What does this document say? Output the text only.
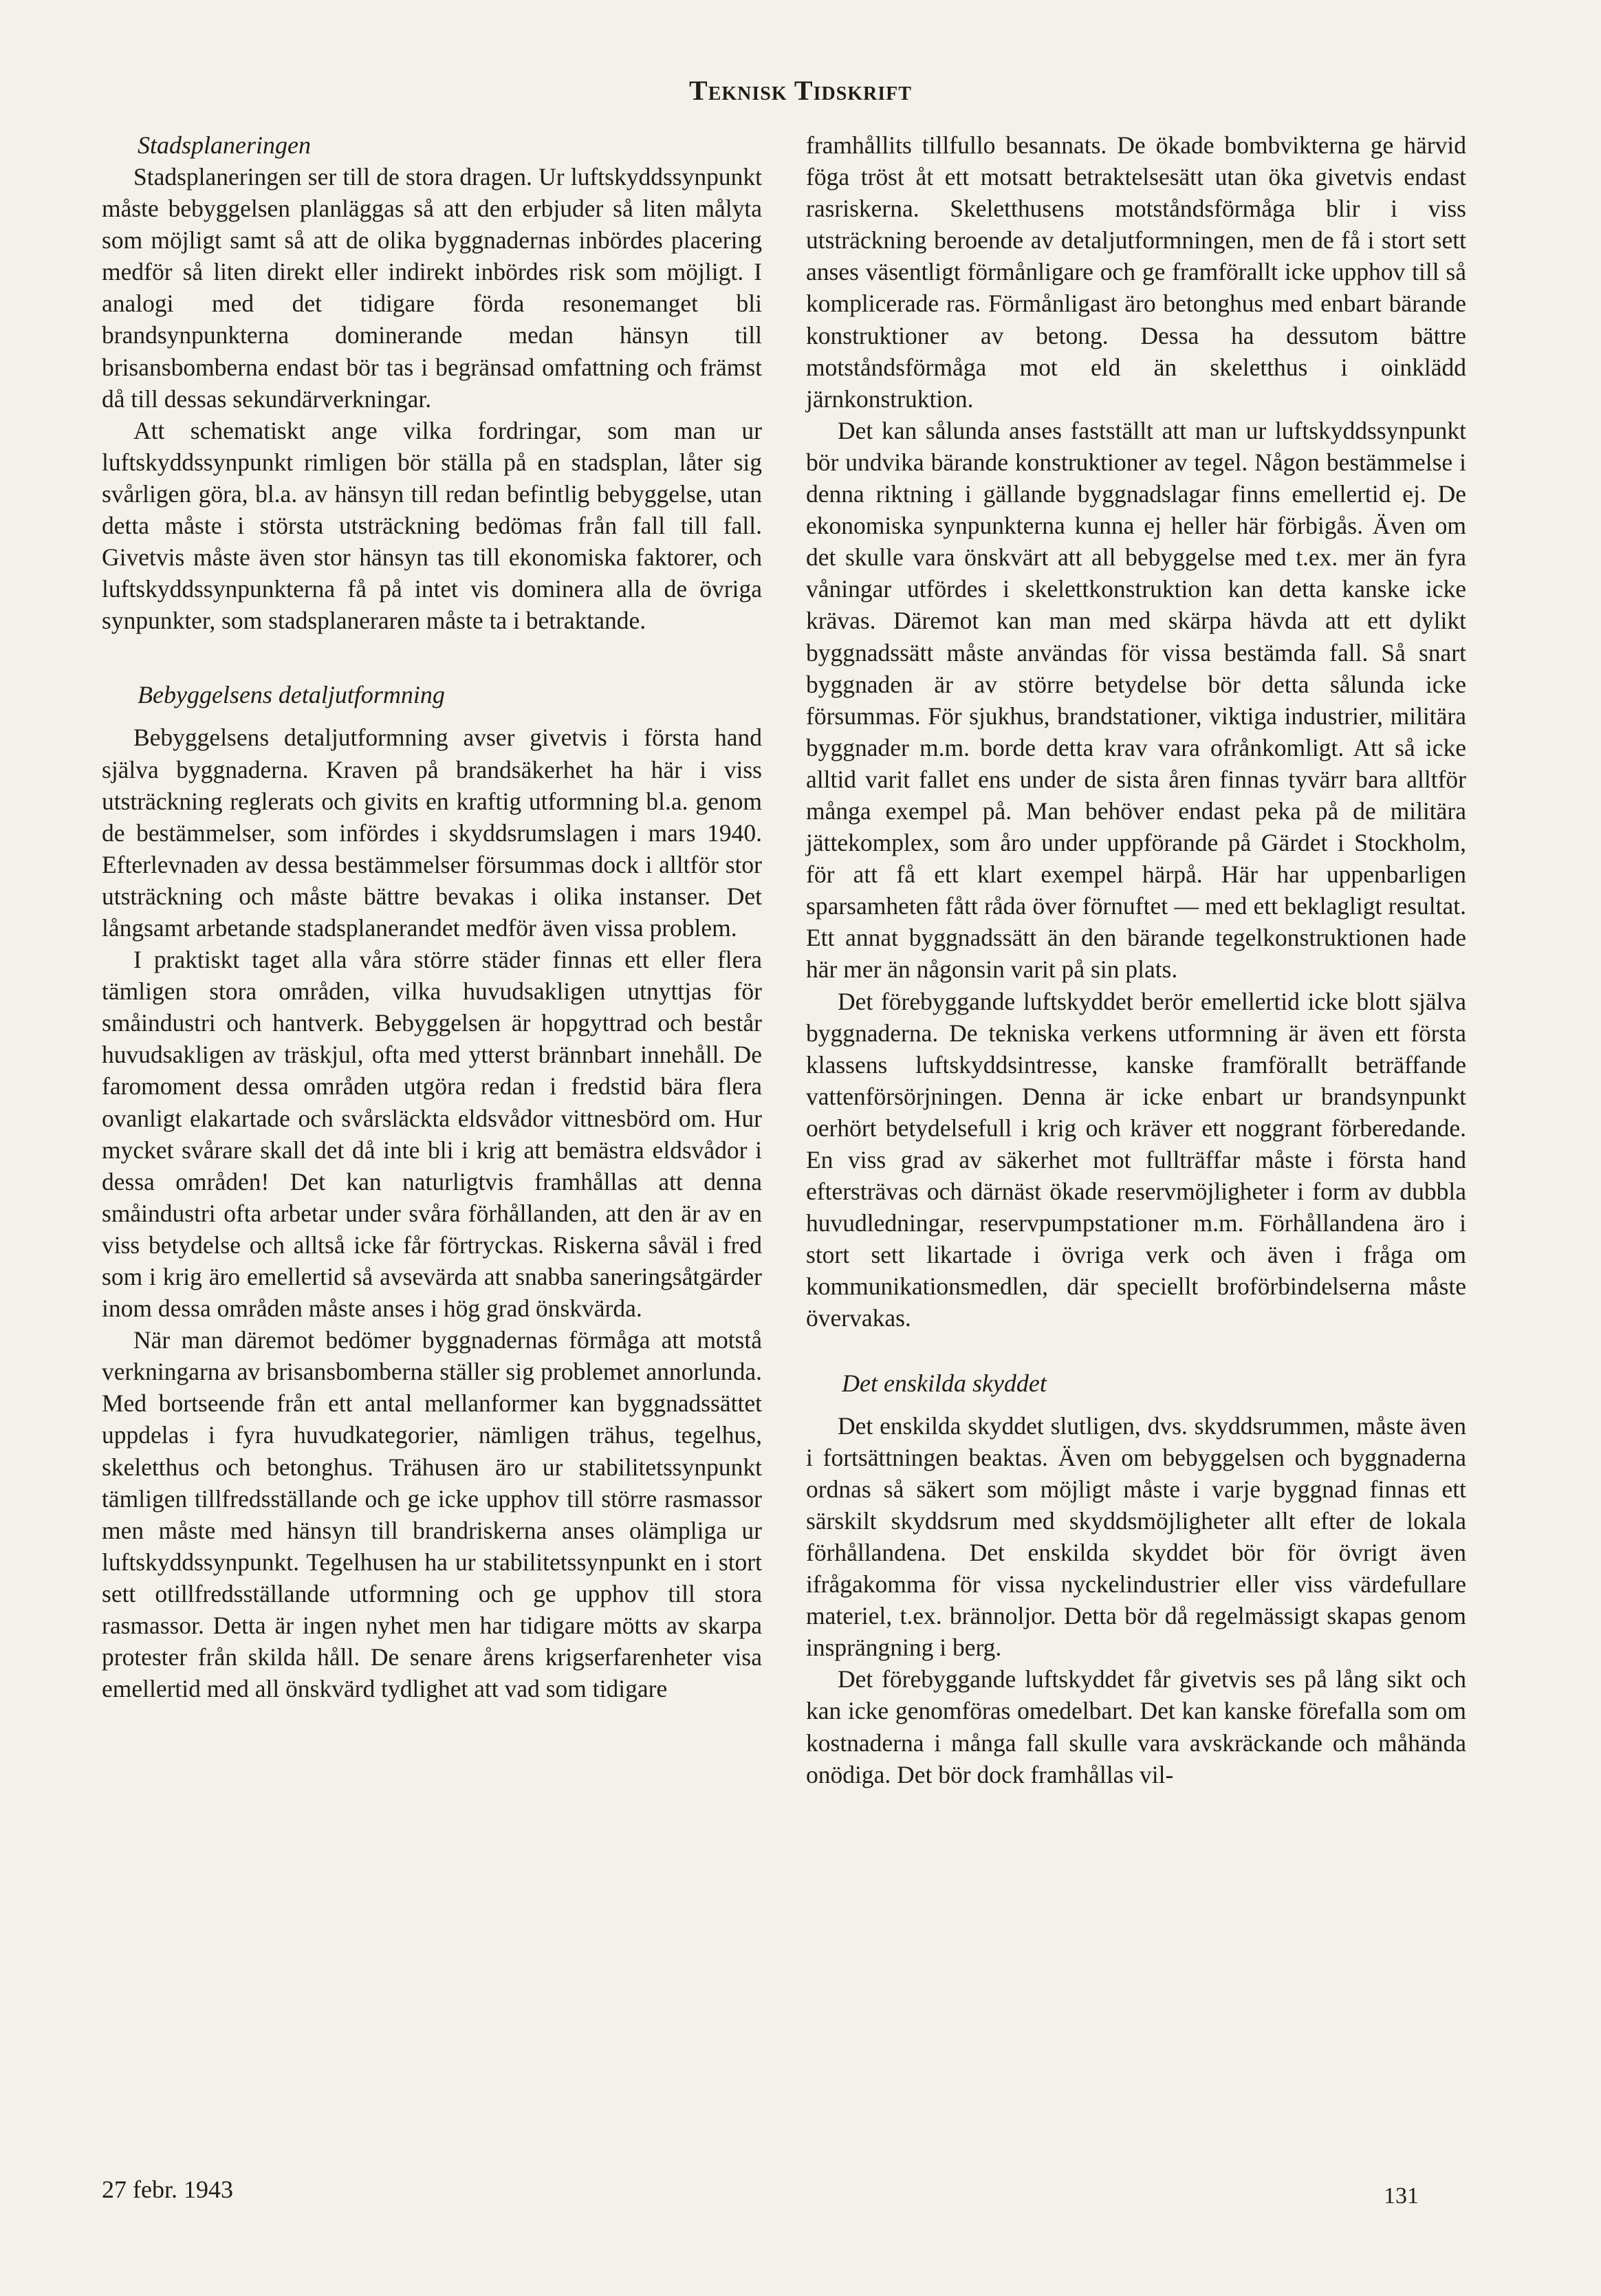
Teknisk Tidskrift
Stadsplaneringen

Stadsplaneringen ser till de stora dragen. Ur luftskyddssynpunkt måste bebyggelsen planläggas så att den erbjuder så liten målyta som möjligt samt så att de olika byggnadernas inbördes placering medför så liten direkt eller indirekt inbördes risk som möjligt. I analogi med det tidigare förda resonemanget bli brandsynpunkterna dominerande medan hänsyn till brisansbomberna endast bör tas i begränsad omfattning och främst då till dessas sekundärverkningar.

Att schematiskt ange vilka fordringar, som man ur luftskyddssynpunkt rimligen bör ställa på en stadsplan, låter sig svårligen göra, bl.a. av hänsyn till redan befintlig bebyggelse, utan detta måste i största utsträckning bedömas från fall till fall. Givetvis måste även stor hänsyn tas till ekonomiska faktorer, och luftskyddssynpunkterna få på intet vis dominera alla de övriga synpunkter, som stadsplaneraren måste ta i betraktande.

Bebyggelsens detaljutformning

Bebyggelsens detaljutformning avser givetvis i första hand själva byggnaderna. Kraven på brandsäkerhet ha här i viss utsträckning reglerats och givits en kraftig utformning bl.a. genom de bestämmelser, som infördes i skyddsrumslagen i mars 1940. Efterlevnaden av dessa bestämmelser försummas dock i alltför stor utsträckning och måste bättre bevakas i olika instanser. Det långsamt arbetande stadsplanerandet medför även vissa problem.

I praktiskt taget alla våra större städer finnas ett eller flera tämligen stora områden, vilka huvudsakligen utnyttjas för småindustri och hantverk. Bebyggelsen är hopgyttrad och består huvudsakligen av träskjul, ofta med ytterst brännbart innehåll. De faromoment dessa områden utgöra redan i fredstid bära flera ovanligt elakartade och svårsläckta eldsvådor vittnesbörd om. Hur mycket svårare skall det då inte bli i krig att bemästra eldsvådor i dessa områden! Det kan naturligtvis framhållas att denna småindustri ofta arbetar under svåra förhållanden, att den är av en viss betydelse och alltså icke får förtryckas. Riskerna såväl i fred som i krig äro emellertid så avsevärda att snabba saneringsåtgärder inom dessa områden måste anses i hög grad önskvärda.

När man däremot bedömer byggnadernas förmåga att motstå verkningarna av brisansbomberna ställer sig problemet annorlunda. Med bortseende från ett antal mellanformer kan byggnadssättet uppdelas i fyra huvudkategorier, nämligen trähus, tegelhus, skeletthus och betonghus. Trähusen äro ur stabilitetssynpunkt tämligen tillfredsställande och ge icke upphov till större rasmassor men måste med hänsyn till brandriskerna anses olämpliga ur luftskyddssynpunkt. Tegelhusen ha ur stabilitetssynpunkt en i stort sett otillfredsställande utformning och ge upphov till stora rasmassor. Detta är ingen nyhet men har tidigare mötts av skarpa protester från skilda håll. De senare årens krigserfarenheter visa emellertid med all önskvärd tydlighet att vad som tidigare

framhållits tillfullo besannats. De ökade bombvikterna ge härvid föga tröst åt ett motsatt betraktelsesätt utan öka givetvis endast rasriskerna. Skeletthusens motståndsförmåga blir i viss utsträckning beroende av detaljutformningen, men de få i stort sett anses väsentligt förmånligare och ge framförallt icke upphov till så komplicerade ras. Förmånligast äro betonghus med enbart bärande konstruktioner av betong. Dessa ha dessutom bättre motståndsförmåga mot eld än skeletthus i oinklädd järnkonstruktion.

Det kan sålunda anses fastställt att man ur luftskyddssynpunkt bör undvika bärande konstruktioner av tegel. Någon bestämmelse i denna riktning i gällande byggnadslagar finns emellertid ej. De ekonomiska synpunkterna kunna ej heller här förbigås. Även om det skulle vara önskvärt att all bebyggelse med t.ex. mer än fyra våningar utfördes i skelettkonstruktion kan detta kanske icke krävas. Däremot kan man med skärpa hävda att ett dylikt byggnadssätt måste användas för vissa bestämda fall. Så snart byggnaden är av större betydelse bör detta sålunda icke försummas. För sjukhus, brandstationer, viktiga industrier, militära byggnader m.m. borde detta krav vara ofrånkomligt. Att så icke alltid varit fallet ens under de sista åren finnas tyvärr bara alltför många exempel på. Man behöver endast peka på de militära jättekomplex, som åro under uppförande på Gärdet i Stockholm, för att få ett klart exempel härpå. Här har uppenbarligen sparsamheten fått råda över förnuftet — med ett beklagligt resultat. Ett annat byggnadssätt än den bärande tegelkonstruktionen hade här mer än någonsin varit på sin plats.

Det förebyggande luftskyddet berör emellertid icke blott själva byggnaderna. De tekniska verkens utformning är även ett första klassens luftskyddsintresse, kanske framförallt beträffande vattenförsörjningen. Denna är icke enbart ur brandsynpunkt oerhört betydelsefull i krig och kräver ett noggrant förberedande. En viss grad av säkerhet mot fullträffar måste i första hand eftersträvas och därnäst ökade reservmöjligheter i form av dubbla huvudledningar, reservpumpstationer m.m. Förhållandena äro i stort sett likartade i övriga verk och även i fråga om kommunikationsmedlen, där speciellt broförbindelserna måste övervakas.

Det enskilda skyddet

Det enskilda skyddet slutligen, dvs. skyddsrummen, måste även i fortsättningen beaktas. Även om bebyggelsen och byggnaderna ordnas så säkert som möjligt måste i varje byggnad finnas ett särskilt skyddsrum med skyddsmöjligheter allt efter de lokala förhållandena. Det enskilda skyddet bör för övrigt även ifrågakomma för vissa nyckelindustrier eller viss värdefullare materiel, t.ex. brännoljor. Detta bör då regelmässigt skapas genom insprängning i berg.

Det förebyggande luftskyddet får givetvis ses på lång sikt och kan icke genomföras omedelbart. Det kan kanske förefalla som om kostnaderna i många fall skulle vara avskräckande och måhända onödiga. Det bör dock framhållas vil-

27 febr. 1943	131
